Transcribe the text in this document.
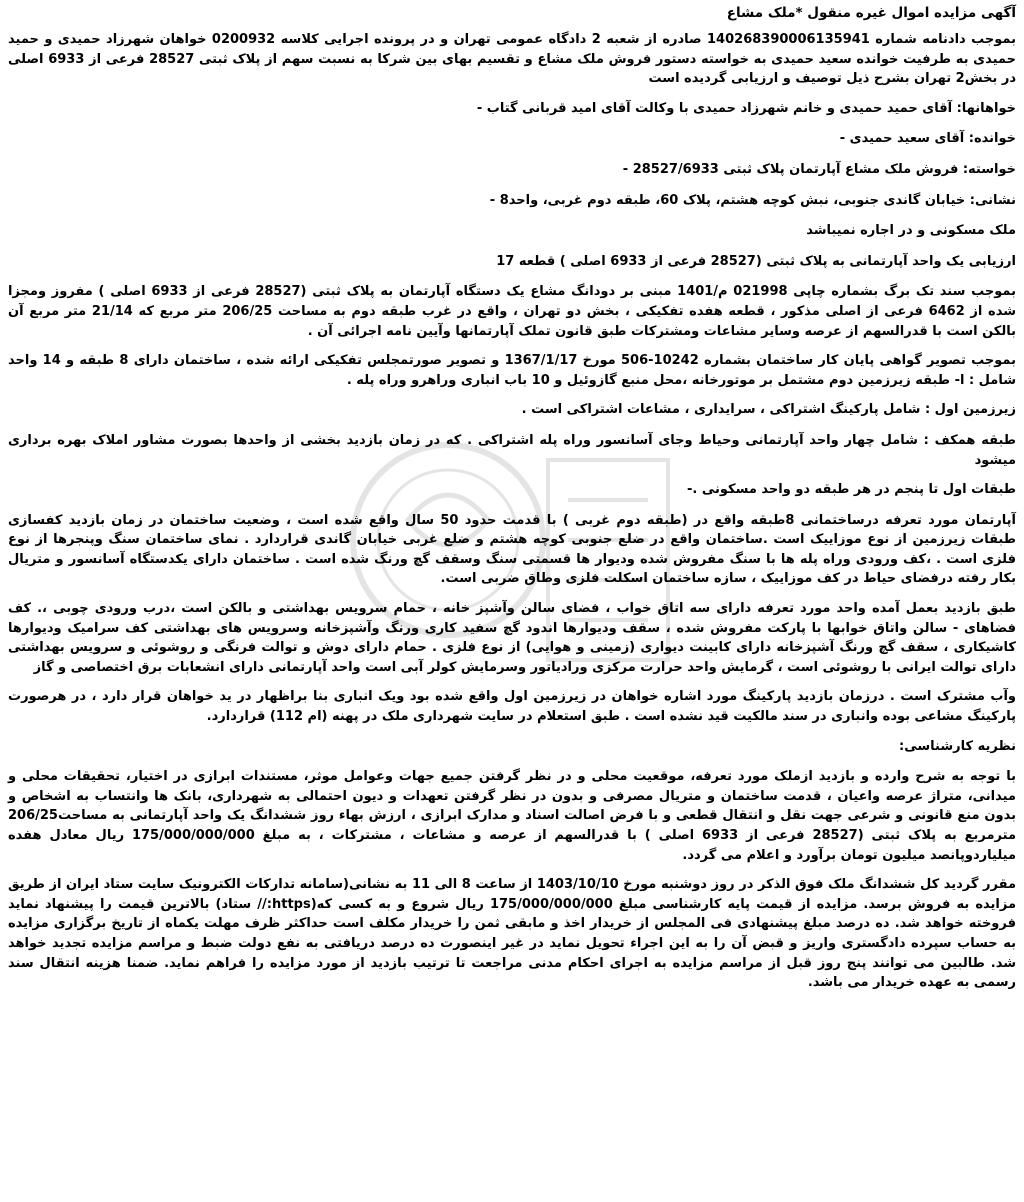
آگهی مزایده اموال غیره منقول *ملک مشاع

بموجب دادنامه شماره 140268390006135941 صادره از شعبه 2 دادگاه عمومی تهران و در پرونده اجرایی کلاسه 0200932 خواهان شهرزاد حمیدی و حمید حمیدی به طرفیت خوانده سعید حمیدی به خواسته دستور فروش ملک مشاع و تقسیم بهای بین شرکا به نسبت سهم از پلاک ثبتی 28527 فرعی از 6933 اصلی در بخش2 تهران بشرح ذیل توصیف و ارزیابی گردیده است

خواهانها: آقای حمید حمیدی و خانم شهرزاد حمیدی با وکالت آقای امید قربانی گتاب -

خوانده: آقای سعید حمیدی -

خواسته: فروش ملک مشاع آپارتمان پلاک ثبتی 28527/6933 -

نشانی: خیابان گاندی جنوبی، نبش کوچه هشتم، پلاک 60، طبقه دوم غربی، واحد8 -

ملک مسکونی و در اجاره نمیباشد

ارزیابی یک واحد آپارتمانی به پلاک ثبتی (28527 فرعی از 6933 اصلی ) قطعه 17

بموجب سند تک برگ بشماره چاپی 021998 م/1401 مبنی بر دودانگ مشاع یک دستگاه آپارتمان به پلاک ثبتی (28527 فرعی از 6933 اصلی ) مفروز ومجزا شده از 6462 فرعی از اصلی مذکور ، قطعه هفده تفکیکی ، بخش دو تهران ، واقع در غرب طبقه دوم به مساحت 206/25 متر مربع که 21/14 متر مربع آن بالکن است با قدرالسهم از عرصه وسایر مشاعات ومشترکات طبق قانون تملک آپارتمانها وآیین نامه اجرائی آن .

بموجب تصویر گواهی پایان کار ساختمان بشماره 10242-506 مورخ 1367/1/17 و تصویر صورتمجلس تفکیکی ارائه شده ، ساختمان دارای 8 طبقه و 14 واحد شامل : ا- طبقه زیرزمین دوم مشتمل بر موتورخانه ،محل منبع گازوئیل و 10 باب انباری وراهرو وراه پله .

زیرزمین اول : شامل پارکینگ اشتراکی ، سرایداری ، مشاعات اشتراکی است .

طبقه همکف : شامل چهار واحد آپارتمانی وحیاط وجای آسانسور وراه پله اشتراکی . که در زمان بازدید بخشی از واحدها بصورت مشاور املاک بهره برداری میشود

طبقات اول تا پنجم در هر طبقه دو واحد مسکونی .-

آپارتمان مورد تعرفه درساختمانی 8طبقه واقع در (طبقه دوم غربی ) با قدمت حدود 50 سال واقع شده است ، وضعیت ساختمان در زمان بازدید کفسازی طبقات زیرزمین از نوع موزاییک است .ساختمان واقع در ضلع جنوبی کوچه هشتم و ضلع غربی خیابان گاندی قراردارد . نمای ساختمان سنگ وپنجرها از نوع فلزی است . ،کف ورودی وراه پله ها با سنگ مفروش شده ودیوار ها قسمتی سنگ وسقف گچ ورنگ شده است . ساختمان دارای یکدستگاه آسانسور و متریال بکار رفته درفضای حیاط در کف موزاییک ، سازه ساختمان اسکلت فلزی وطاق ضربی است.

طبق بازدید بعمل آمده واحد مورد تعرفه دارای سه اتاق خواب ، فضای سالن وآشپز خانه ، حمام سرویس بهداشتی و بالکن است ،درب ورودی چوبی ،. کف فضاهای - سالن واتاق خوابها با پارکت مفروش شده ، سقف ودیوارها اندود گچ سفید کاری ورنگ وآشپزخانه وسرویس های بهداشتی کف سرامیک ودیوارها کاشیکاری ، سقف گچ ورنگ آشپزخانه دارای کابینت دیواری (زمینی و هوایی) از نوع فلزی . حمام دارای دوش و توالت فرنگی و روشوئی و سرویس بهداشتی دارای توالت ایرانی با روشوئی است ، گرمایش واحد حرارت مرکزی ورادیاتور وسرمایش کولر آبی است واحد آپارتمانی دارای انشعابات برق اختصاصی و گاز

وآب مشترک است . درزمان بازدید پارکینگ مورد اشاره خواهان در زیرزمین اول واقع شده بود ویک انباری بنا براظهار در ید خواهان قرار دارد ، در هرصورت پارکینگ مشاعی بوده وانباری در سند مالکیت قید نشده است . طبق استعلام در سایت شهرداری ملک در پهنه (ام 112) قراردارد.

نظریه کارشناسی:

با توجه به شرح وارده و بازدید ازملک مورد تعرفه، موقعیت محلی و در نظر گرفتن جمیع جهات وعوامل موثر، مستندات ابرازی در اختیار، تحقیقات محلی و میدانی، متراژ عرصه واعیان ، قدمت ساختمان و متریال مصرفی و بدون در نظر گرفتن تعهدات و دیون احتمالی به شهرداری، بانک ها وانتساب به اشخاص و بدون منع قانونی و شرعی جهت نقل و انتقال قطعی و با فرض اصالت اسناد و مدارک ابرازی ، ارزش بهاء روز ششدانگ یک واحد آپارتمانی به مساحت206/25 مترمربع به پلاک ثبتی (28527 فرعی از 6933 اصلی ) با قدرالسهم از عرصه و مشاعات ، مشترکات ، به مبلغ 175/000/000/000 ریال معادل هفده میلیاردوپانصد میلیون تومان برآورد و اعلام می گردد.

مقرر گردید کل ششدانگ ملک فوق الذکر در روز دوشنبه مورخ 1403/10/10 از ساعت 8 الی 11 به نشانی(سامانه تدارکات الکترونیک سایت ستاد ایران از طریق مزایده به فروش برسد. مزایده از قیمت پایه کارشناسی مبلغ 175/000/000/000 ریال شروع و به کسی که(https:// ستاد) بالاترین قیمت را پیشنهاد نماید فروخته خواهد شد. ده درصد مبلغ پیشنهادی فی المجلس از خریدار اخذ و مابقی ثمن را خریدار مکلف است حداکثر ظرف مهلت یکماه از تاریخ برگزاری مزایده به حساب سپرده دادگستری واریز و قبض آن را به این اجراء تحویل نماید در غیر اینصورت ده درصد دریافتی به نفع دولت ضبط و مراسم مزایده تجدید خواهد شد. طالبین می توانند پنج روز قبل از مراسم مزایده به اجرای احکام مدنی مراجعت تا ترتیب بازدید از مورد مزایده را فراهم نماید. ضمنا هزینه انتقال سند رسمی به عهده خریدار می باشد.
